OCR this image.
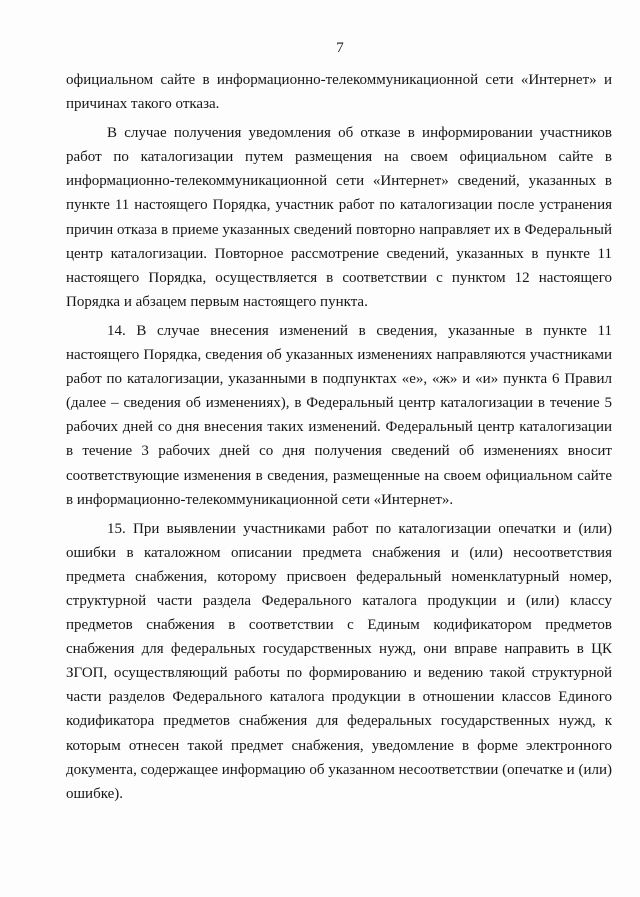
7

официальном сайте в информационно-телекоммуникационной сети «Интернет» и причинах такого отказа.

В случае получения уведомления об отказе в информировании участников работ по каталогизации путем размещения на своем официальном сайте в информационно-телекоммуникационной сети «Интернет» сведений, указанных в пункте 11 настоящего Порядка, участник работ по каталогизации после устранения причин отказа в приеме указанных сведений повторно направляет их в Федеральный центр каталогизации. Повторное рассмотрение сведений, указанных в пункте 11 настоящего Порядка, осуществляется в соответствии с пунктом 12 настоящего Порядка и абзацем первым настоящего пункта.

14. В случае внесения изменений в сведения, указанные в пункте 11 настоящего Порядка, сведения об указанных изменениях направляются участниками работ по каталогизации, указанными в подпунктах «е», «ж» и «и» пункта 6 Правил (далее – сведения об изменениях), в Федеральный центр каталогизации в течение 5 рабочих дней со дня внесения таких изменений. Федеральный центр каталогизации в течение 3 рабочих дней со дня получения сведений об изменениях вносит соответствующие изменения в сведения, размещенные на своем официальном сайте в информационно-телекоммуникационной сети «Интернет».

15. При выявлении участниками работ по каталогизации опечатки и (или) ошибки в каталожном описании предмета снабжения и (или) несоответствия предмета снабжения, которому присвоен федеральный номенклатурный номер, структурной части раздела Федерального каталога продукции и (или) классу предметов снабжения в соответствии с Единым кодификатором предметов снабжения для федеральных государственных нужд, они вправе направить в ЦК ЗГОП, осуществляющий работы по формированию и ведению такой структурной части разделов Федерального каталога продукции в отношении классов Единого кодификатора предметов снабжения для федеральных государственных нужд, к которым отнесен такой предмет снабжения, уведомление в форме электронного документа, содержащее информацию об указанном несоответствии (опечатке и (или) ошибке).
